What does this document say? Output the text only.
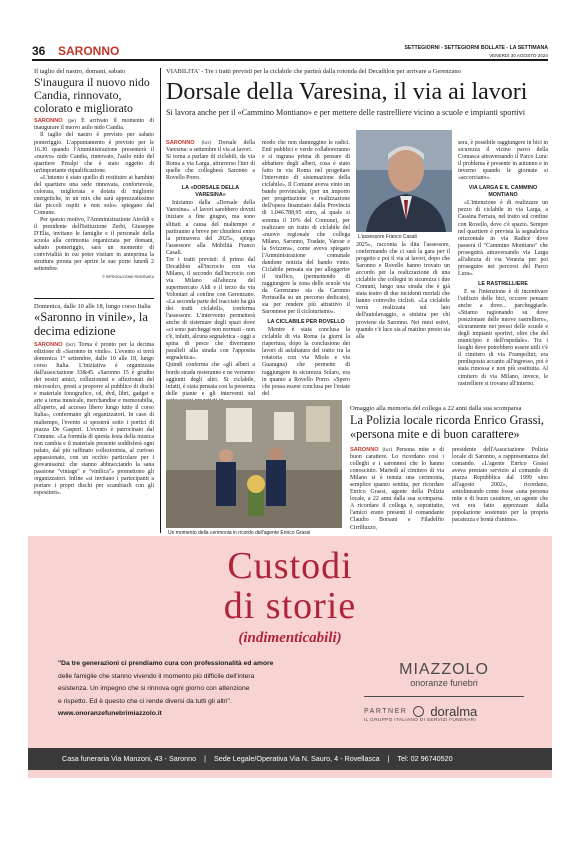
36 SARONNO	SETTEGIORNI - SETTEGIORNI BOLLATE - LA SETTIMANA
VENERDÌ 30 AGOSTO 2024
Il taglio del nastro, domani, sabato
S'inaugura il nuovo nido Candia, rinnovato, colorato e migliorato

SARONNO (pe) È arrivato il momento di inaugurare il nuovo asilo nido Candia.

Il taglio del nastro è previsto per sabato pomeriggio. L'appuntamento è previsto per le 16.30 quando l'Amministrazione presenterà il «nuovo» nido Candia, rinnovato, l'asilo nido del quartiere Prealpi che è stato oggetto di un'importante riqualificazione.

«L'intento è stato quello di restituire ai bambini del quartiere una sede rinnovata, confortevole, colorata, migliorata e dotata di migliorie energetiche, in un mix che sarà apprezzatissimo dai piccoli ospiti e non solo» spiegano dal Comune.

Per questo motivo, l'Amministrazione Airoldi e il presidente dell'Istituzione Zerbi, Giuseppe D'Elia, invitano le famiglie e il personale della scuola alla cerimonia organizzata per domani, sabato pomeriggio, sarà un momento di convivialità in cui poter visitare in anteprima la struttura pronta per aprire le sue porte lunedì 2 settembre.

© RIPRODUZIONE RISERVATA
Domenica, dalle 10 alle 18, lungo corso Italia
«Saronno in vinile», la decima edizione

SARONNO (bcr) Torna è pronto per la decima edizione di «Saronno in vinile». L'evento si terrà domenica 1° settembre, dalle 10 alle 18, lungo corso Italia. L'iniziativa è organizzata dall'associazione 33&45. «Saronno 15 è gradito dei nostri amici, collezionisti e affezionati del microsolco, presti a proporre al pubblico di dischi e materiale fonografico, cd, dvd, libri, gadget e arte a tema musicale, merchandise e memorabilia, all'aperto, ad accesso libero lungo tutto il corso Italia», confermano gli organizzatori. In caso di maltempo, l'evento si sposterà sotto i portici di piazza De Gasperi. L'evento è patrocinato dal Comune. «La formula di questa festa della musica non cambia e il materiale presente soddisferà ogni palato, dal più raffinato collezionista, al curioso appassionato, con un occhio particolare per i giovanissimi: che stanno abbracciando la sana passione "vintage" e "vinilica"» promettono gli organizzatori. Infine «si invitano i partecipanti a portare i propri dischi per scambiarli con gli espositori».

VIABILITA' - Tre i tratti previsti per la ciclabile che partirà dalla rotonda del Decathlon per arrivare a Gerenzano
Dorsale della Varesina, il via ai lavori
Si lavora anche per il «Cammino Montiano» e per mettere delle rastrelliere vicino a scuole e impianti sportivi

SARONNO (bcr) Dorsale della Varesina: a settembre il via ai lavori.
Si torna a parlare di ciclabili, da via Roma a via Larga, attraverso l'iter di quelle che collegherà Saronno a Rovello Porro.

LA «DORSALE DELLA VARESINA»

Iniziamo dalla «Dorsale della Varesina». «I lavori sarebbero dovuti iniziare a fine giugno, ma sono slittati a causa del maltempo e partiranno a breve per chiudersi entro la primavera del 2025», spiega l'assessore alla Mobilità Franco Casali.
Tre i tratti previsti: il primo dal Decathlon all'incrocio con via Milano, il secondo dall'incrocio con via Milano all'altezza del supermercato Aldi e il terzo da via Volontari al confine con Gerenzano. «La seconda parte del tracciato ha già dei tratti ciclabili», conferma l'assessore. L'intervento permetterà anche di sistemare degli spazi dove «ci sono parcheggi non normati - non c'è, infatti, alcuna segnaletica - oggi a spina di pesce che diverranno paralleli alla strada con l'apposita segnaletica».
Quindi conferma che «gli alberi a bordo strada resteranno e ne verranno aggiunti degli altri. Si ciclabile, infatti, è stata pensata con la presenza delle piante e gli interventi sul

modo che non danneggino le radici. Enti pubblici e verde collaboreranno e si ingrana prima di pensare di abbattere degli alberi, cosa è stato fatto in via Roma nel progettare l'intervento di sistemazione della ciclabile». Il Comune aveva vinto un bando provinciale, (per un importo per progettazione e realizzazione dell'opera finanziato dalla Provincia di 1.046.788,95 euro, al quale si somma il 10% del Comune), per realizzare un tratto di ciclabile del «nuovo regionale che collega Milano, Saronno, Tradate, Varese e la Svizzera», come aveva spiegato l'Amministrazione comunale dandone notizia del bando vinto. Ciclabile pensata sia per alleggerire il traffico, (permettendo di raggiungere la zona delle scuole via da Gerenzano sia da Caronno Pertusella su un percorso dedicato), sia per rendere più attrattivo il Saronnese per il cicloturismo».

LA CICLABILE PER ROVELLO

Mentre è stata conclusa la ciclabile di via Roma (a giorni la riapertura, dopo la conclusione dei lavori di asfaltatura del tratto tra la rotatoria con via Miola e via Guaragna) che permette di raggiungere in sicurezza Solaro, era in quanto a Rovello Porro. «Spero che possa essere conclusa per l'estate del

L'assessore Franco Casali

2025», racconta la dita l'assessore, confermando che ci sarà la gara per il progetto e poi il via ai lavori, dopo che Saronno e Rovello hanno trovato un accordo per la realizzazione di una ciclabile che collegni in sicurezza i due Comuni, lungo una strada che è già stata teatro di due incidenti mortali che hanno coinvolto ciclisti. «La ciclabile verrà realizzata sul lato dell'autolavaggio, a sinistra per chi proviene da Saronno. Nei mesi estivi, quando c'è luce sia al mattino presto sia alla

sera, è possibile raggiungere in bici in sicurezza il vicino parco della Comasca attraversando il Parco Lura: il problema è presente in autunno e in inverno quando le giornate si «accorciano».

VIA LARGA E IL CAMMINO MONTIANO

«L'intenzione è di realizzare un pezzo di ciclabile in via Larga, a Cassina Ferrara, nel tratto sul confine con Rovello, dove c'è spazio. Sempre nel quartiere è prevista la segnaletica orizzontale in via Radice dove passerà il "Cammino Montiano" che proseguirà attraversando via Larga all'altezza di via Venezia per poi proseguire nei percorsi del Parco Lura».

LE RASTRELLIERE

E se l'intenzione è di incentivare l'utilizzo delle bici, occorre pensare anche a dove... parcheggiarle. «Stiamo ragionando su dove posizionare delle nuove rastrelliere», sicuramente nei pressi delle scuole e degli impianti sportivi, oltre che del municipio e dell'ospedale». Tra i luoghi dove potrebbero essere utili c'è il cimitero di via Frampolini; era predisposta accanto all'ingresso, poi è stata rimossa e non più sostituita. Al cimitero di via Milano, invece, le rastrelliere si trovano all'interno.

Un momento della cerimonia in ricordo dell'agente Enrico Grassi
Omaggio alla memoria del collega a 22 anni dalla sua scomparsa
La Polizia locale ricorda Enrico Grassi, «persona mite e di buon carattere»

SARONNO (bcr) Persona mite e di buon carattere. Lo ricordano così i colleghi e i saronnesi che lo hanno conosciuto. Martedì al cimitero di via Milano si è tenuta una cerimonia, semplice quanto sentita, per ricordare Enrico Grassi, agente della Polizia locale, a 22 anni dalla sua scomparsa. A ricordare il collega e, soprattutto, l'amico erano presenti il comandante Claudio Borsani e Filadelfio Cirrilluzzo,

presidente dell'Associazione Polizia locale di Saronno, a rappresentanza del comando. «L'agente Enrico Grassi aveva prestato servizio al comando di piazza Repubblica dal 1999 sino all'agosto 2002», ricordano, sottolineando come fosse «una persona mite e di buon carattere, un agente che voi era fatto apprezzare dalla popolazione sostenuto per la propria pacatezza e bontà d'animo».

Custodi
di storie
(indimenticabili)
"Da tre generazioni ci prendiamo cura con professionalità ed amore
delle famiglie che stanno vivendo il momento più difficile dell'intera
esistenza. Un impegno che si rinnova ogni giorno con attenzione
e rispetto. Ed è questo che ci rende diversi da tutti gli altri".
www.onoranzefunebrimiazzolo.it
MIAZZOLO
onoranze funebri
PARTNER doralma
IL GRUPPO ITALIANO DI SERVIZI FUNERARI
Casa funeraria Via Manzoni, 43 - Saronno | Sede Legale/Operativa Via N. Sauro, 4 - Rovellasca | Tel: 02 96740520
